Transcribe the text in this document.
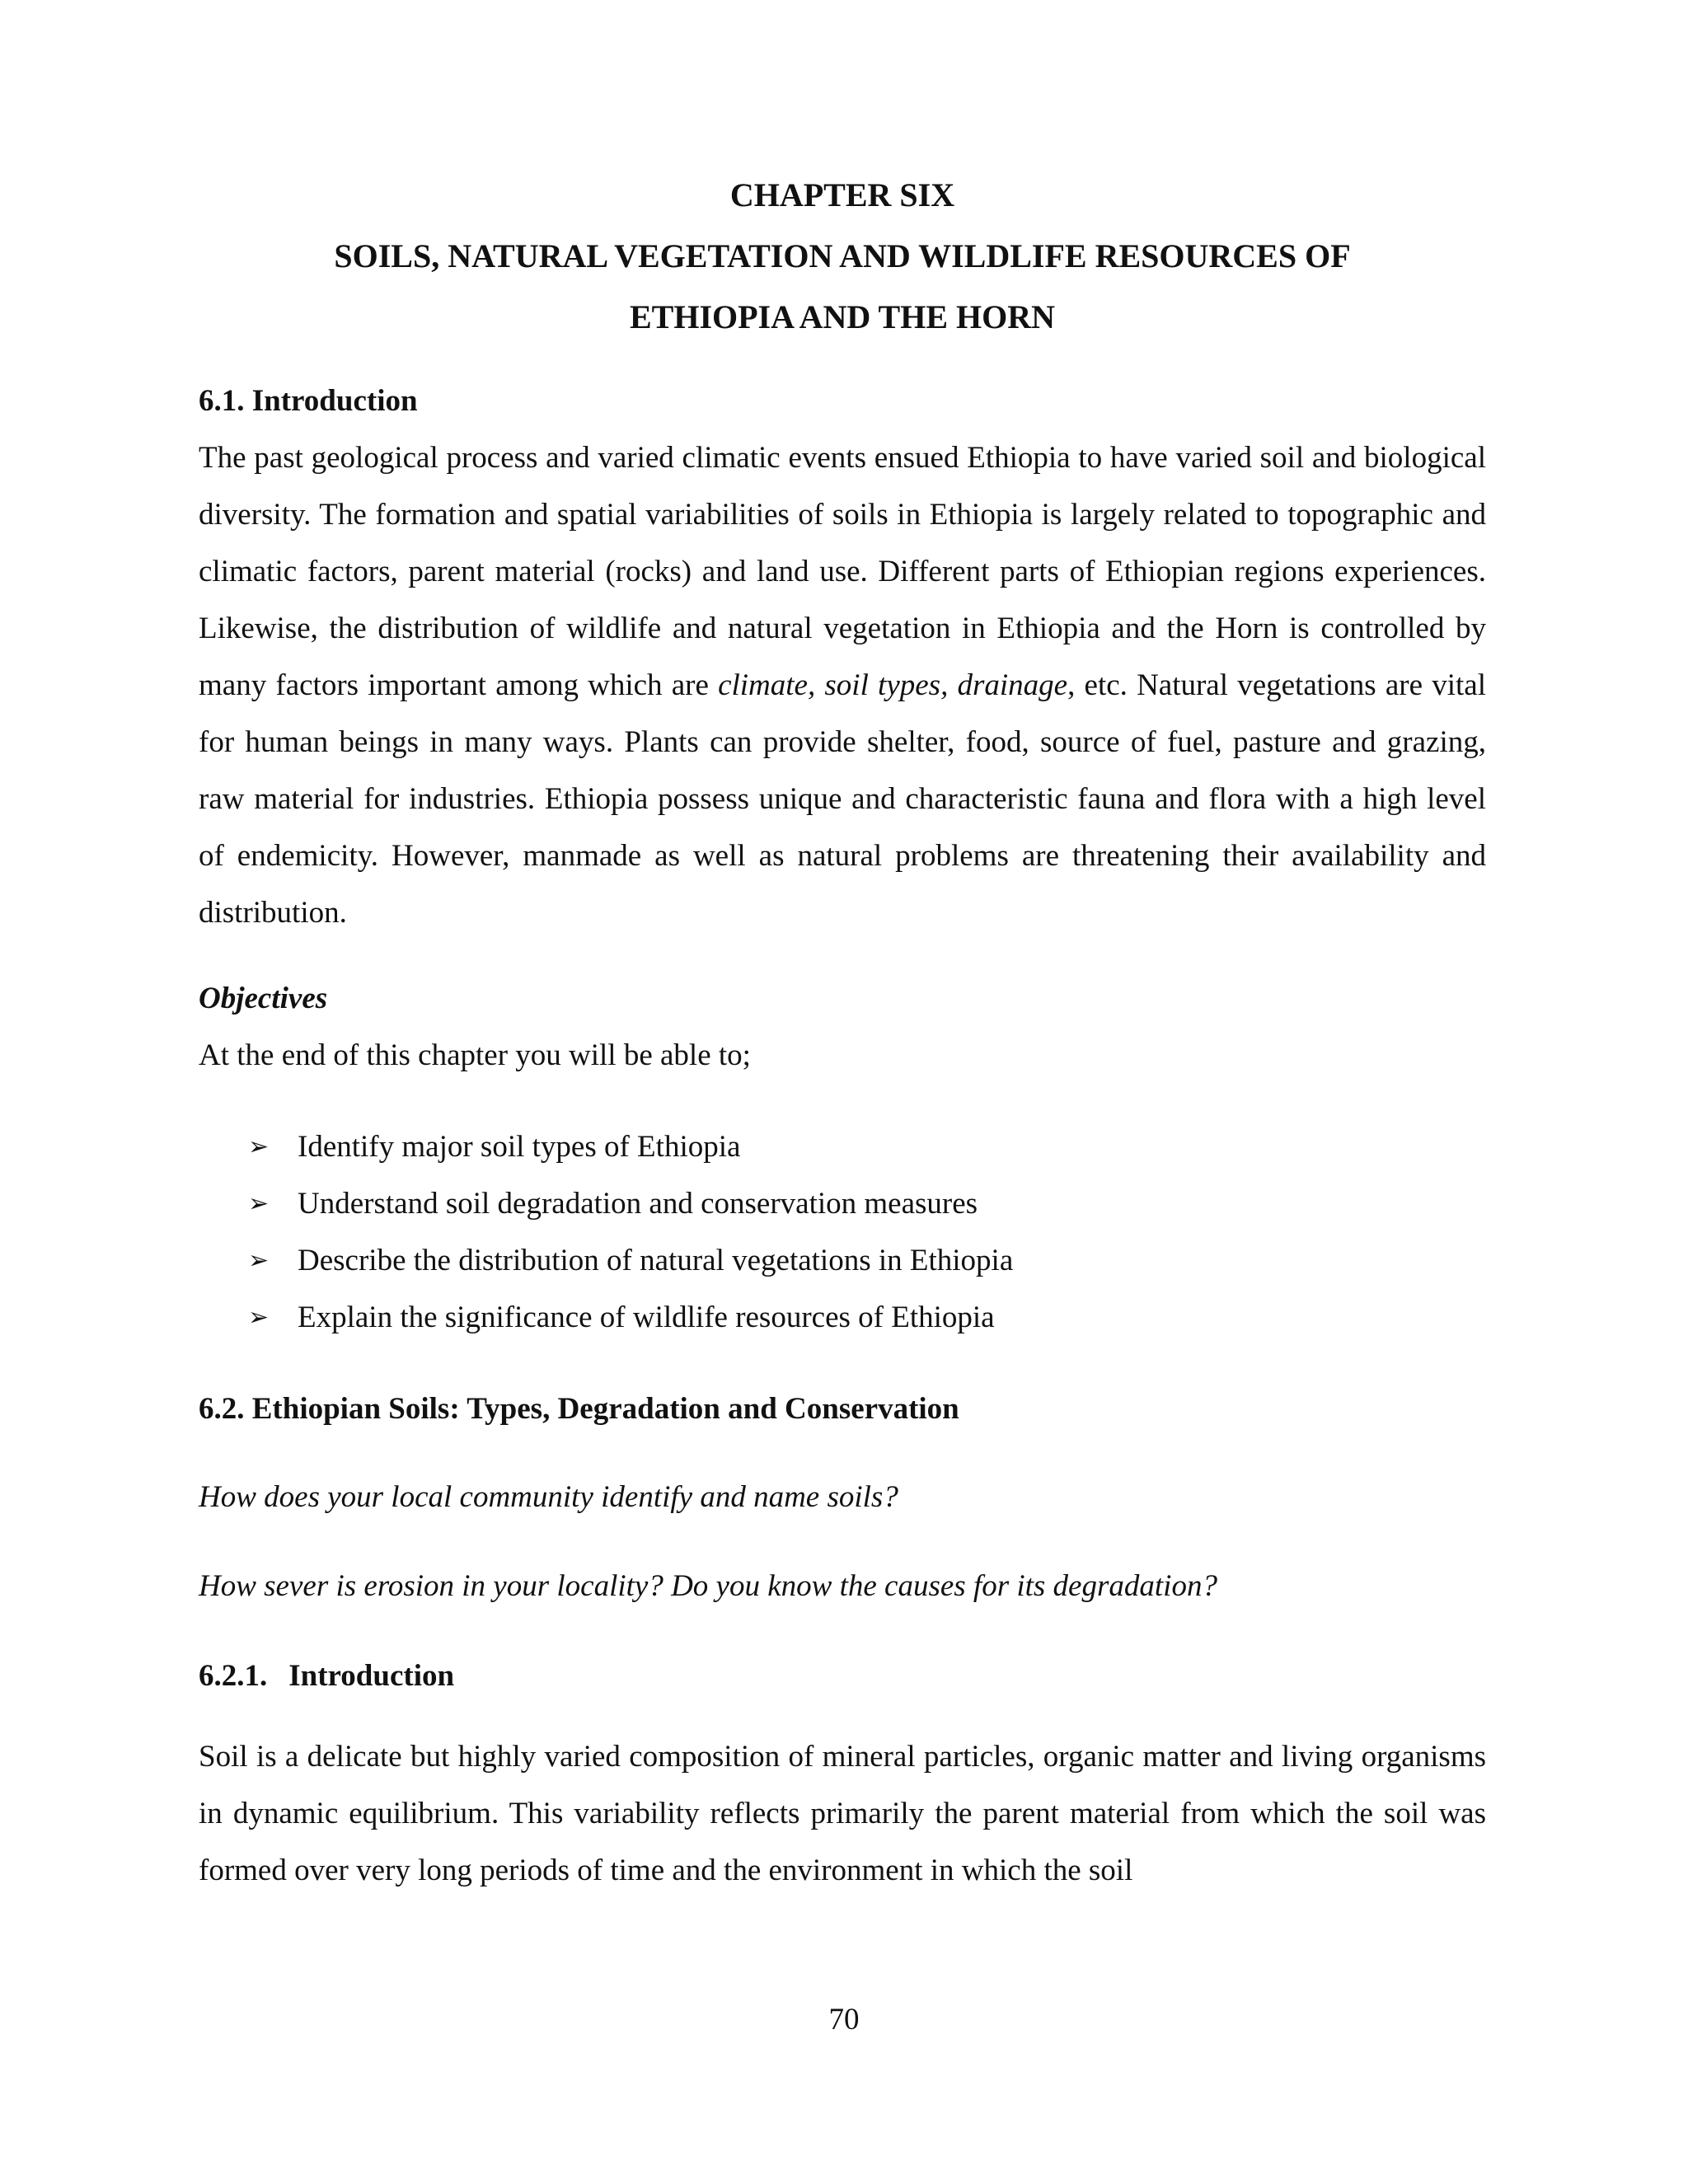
CHAPTER SIX
SOILS, NATURAL VEGETATION AND WILDLIFE RESOURCES OF
ETHIOPIA AND THE HORN
6.1. Introduction

The past geological process and varied climatic events ensued Ethiopia to have varied soil and biological diversity. The formation and spatial variabilities of soils in Ethiopia is largely related to topographic and climatic factors, parent material (rocks) and land use. Different parts of Ethiopian regions experiences. Likewise, the distribution of wildlife and natural vegetation in Ethiopia and the Horn is controlled by many factors important among which are climate, soil types, drainage, etc. Natural vegetations are vital for human beings in many ways. Plants can provide shelter, food, source of fuel, pasture and grazing, raw material for industries. Ethiopia possess unique and characteristic fauna and flora with a high level of endemicity. However, manmade as well as natural problems are threatening their availability and distribution.

Objectives

At the end of this chapter you will be able to;

➢ Identify major soil types of Ethiopia
➢ Understand soil degradation and conservation measures
➢ Describe the distribution of natural vegetations in Ethiopia
➢ Explain the significance of wildlife resources of Ethiopia
6.2. Ethiopian Soils: Types, Degradation and Conservation

How does your local community identify and name soils?

How sever is erosion in your locality? Do you know the causes for its degradation?

6.2.1. Introduction

Soil is a delicate but highly varied composition of mineral particles, organic matter and living organisms in dynamic equilibrium. This variability reflects primarily the parent material from which the soil was formed over very long periods of time and the environment in which the soil

70
